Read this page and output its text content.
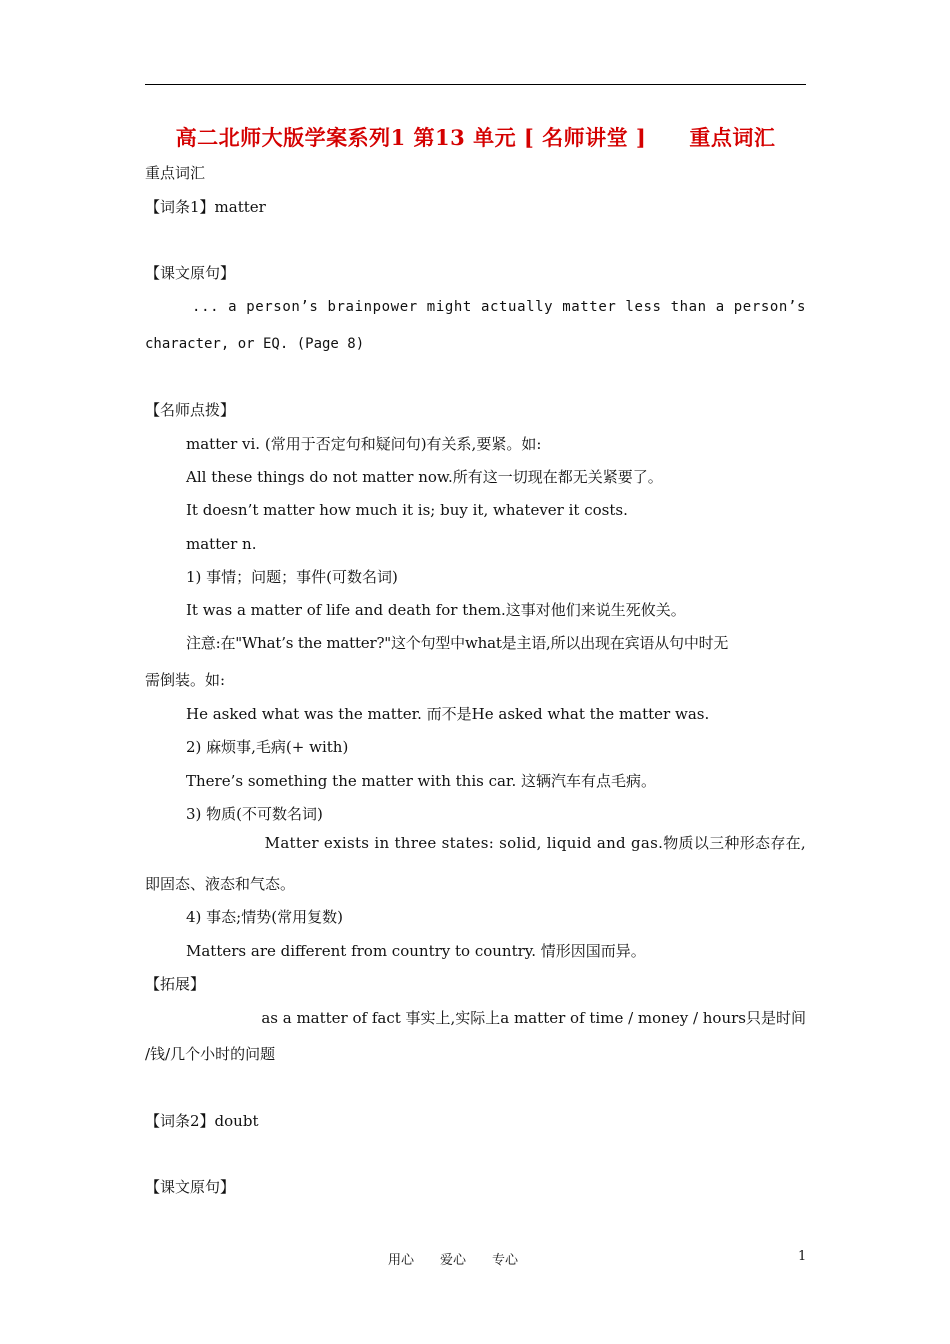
高二北师大版学案系列1 第13 单元 [ 名师讲堂 ]　　重点词汇
重点词汇
【词条1】matter
【课文原句】
... a person’s brainpower might actually matter less than a person’s
character, or EQ. (Page 8)
【名师点拨】
matter vi. (常用于否定句和疑问句)有关系,要紧。如:
All these things do not matter now.所有这一切现在都无关紧要了。
It doesn’t matter how much it is; buy it, whatever it costs.
matter n.
1) 事情；问题；事件(可数名词)
It was a matter of life and death for them.这事对他们来说生死攸关。
注意:在"What’s the matter?"这个句型中what是主语,所以出现在宾语从句中时无
需倒装。如:
He asked what was the matter. 而不是He asked what the matter was.
2) 麻烦事,毛病(+ with)
There’s something the matter with this car. 这辆汽车有点毛病。
3) 物质(不可数名词)
Matter exists in three states: solid, liquid and gas.物质以三种形态存在,
即固态、液态和气态。
4) 事态;情势(常用复数)
Matters are different from country to country. 情形因国而异。
【拓展】
as a matter of fact 事实上,实际上a matter of time / money / hours只是时间
/钱/几个小时的问题
【词条2】doubt
【课文原句】
用心　　爱心　　专心	1
